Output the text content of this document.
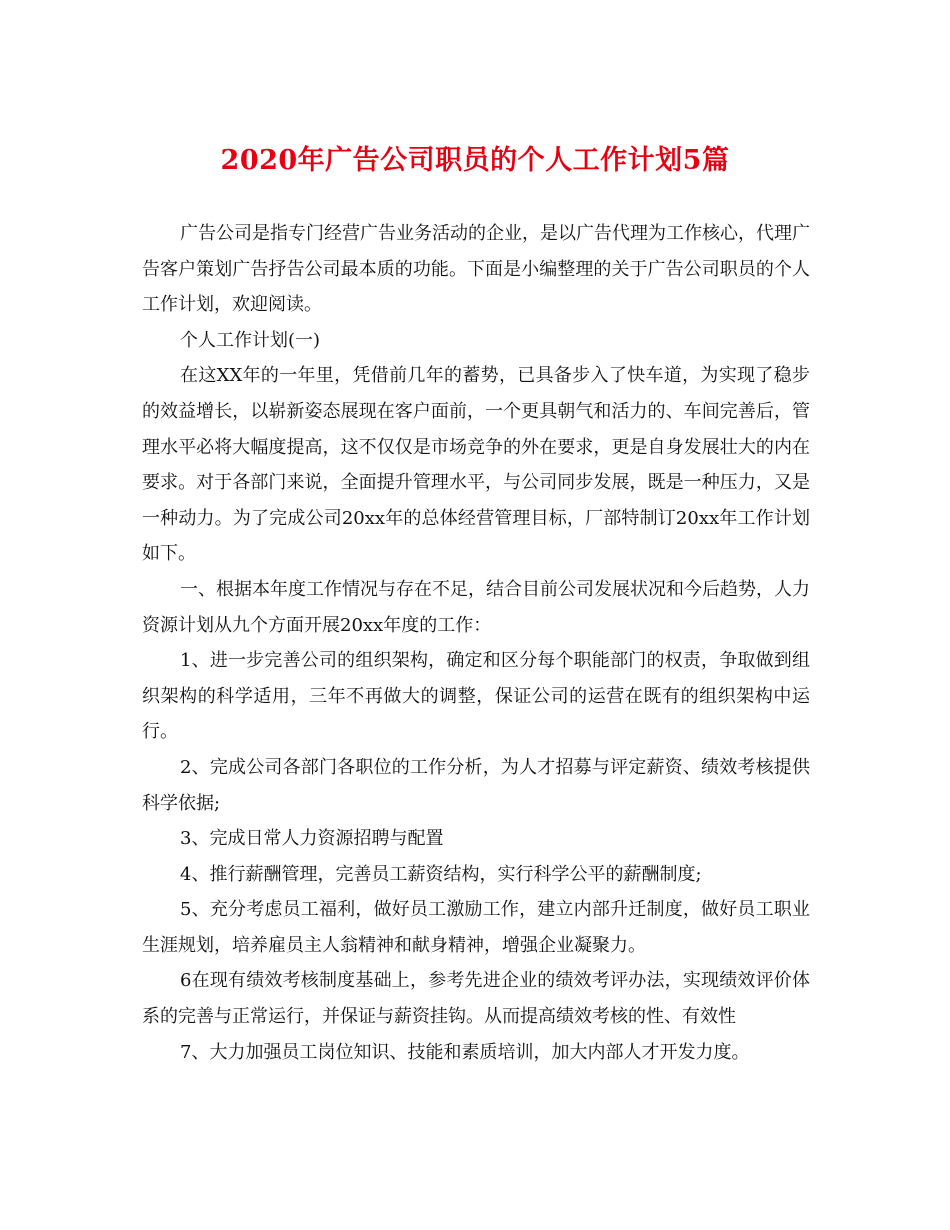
2020年广告公司职员的个人工作计划5篇

广告公司是指专门经营广告业务活动的企业，是以广告代理为工作核心，代理广告客户策划广告抒告公司最本质的功能。下面是小编整理的关于广告公司职员的个人工作计划，欢迎阅读。

个人工作计划(一)

在这XX年的一年里，凭借前几年的蓄势，已具备步入了快车道，为实现了稳步的效益增长，以崭新姿态展现在客户面前，一个更具朝气和活力的、车间完善后，管理水平必将大幅度提高，这不仅仅是市场竞争的外在要求，更是自身发展壮大的内在要求。对于各部门来说，全面提升管理水平，与公司同步发展，既是一种压力，又是一种动力。为了完成公司20xx年的总体经营管理目标，厂部特制订20xx年工作计划如下。

一、根据本年度工作情况与存在不足，结合目前公司发展状况和今后趋势，人力资源计划从九个方面开展20xx年度的工作：

1、进一步完善公司的组织架构，确定和区分每个职能部门的权责，争取做到组织架构的科学适用，三年不再做大的调整，保证公司的运营在既有的组织架构中运行。

2、完成公司各部门各职位的工作分析，为人才招募与评定薪资、绩效考核提供科学依据;

3、完成日常人力资源招聘与配置

4、推行薪酬管理，完善员工薪资结构，实行科学公平的薪酬制度;

5、充分考虑员工福利，做好员工激励工作，建立内部升迁制度，做好员工职业生涯规划，培养雇员主人翁精神和献身精神，增强企业凝聚力。

6在现有绩效考核制度基础上，参考先进企业的绩效考评办法，实现绩效评价体系的完善与正常运行，并保证与薪资挂钩。从而提高绩效考核的性、有效性

7、大力加强员工岗位知识、技能和素质培训，加大内部人才开发力度。
